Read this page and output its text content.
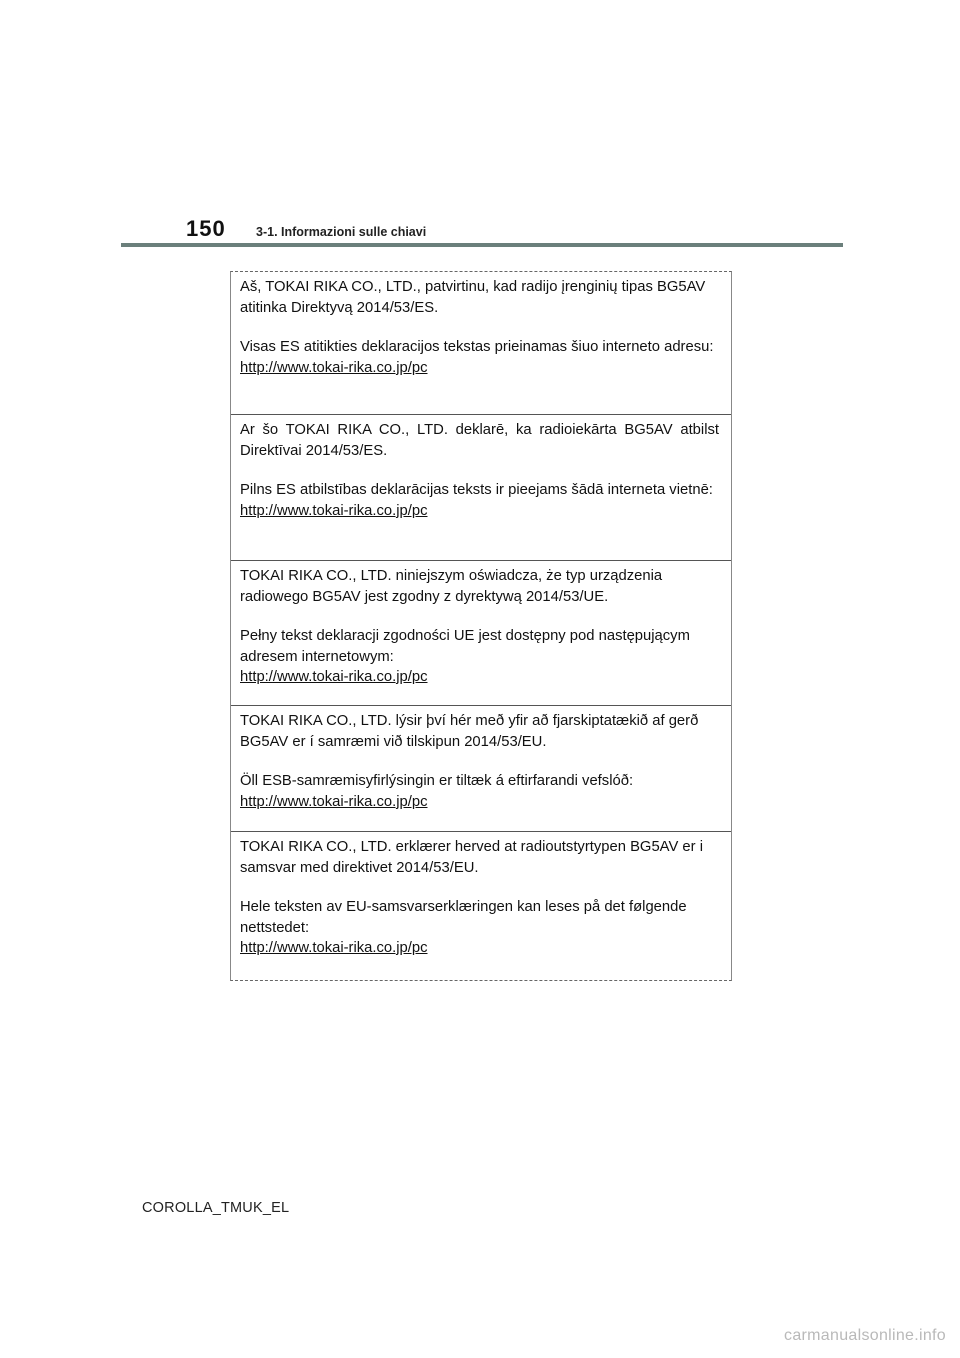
150	3-1. Informazioni sulle chiavi

Aš, TOKAI RIKA CO., LTD., patvirtinu, kad radijo įrenginių tipas BG5AV atitinka Direktyvą 2014/53/ES.

Visas ES atitikties deklaracijos tekstas prieinamas šiuo interneto adresu:
http://www.tokai-rika.co.jp/pc

Ar šo TOKAI RIKA CO., LTD. deklarē, ka radioiekārta BG5AV atbilst Direktīvai 2014/53/ES.

Pilns ES atbilstības deklarācijas teksts ir pieejams šādā interneta vietnē:
http://www.tokai-rika.co.jp/pc

TOKAI RIKA CO., LTD. niniejszym oświadcza, że typ urządzenia radiowego BG5AV jest zgodny z dyrektywą 2014/53/UE.

Pełny tekst deklaracji zgodności UE jest dostępny pod następującym adresem internetowym:
http://www.tokai-rika.co.jp/pc

TOKAI RIKA CO., LTD. lýsir því hér með yfir að fjarskiptatækið af gerð BG5AV er í samræmi við tilskipun 2014/53/EU.

Öll ESB-samræmisyfirlýsingin er tiltæk á eftirfarandi vefslóð:
http://www.tokai-rika.co.jp/pc

TOKAI RIKA CO., LTD. erklærer herved at radioutstyrtypen BG5AV er i samsvar med direktivet 2014/53/EU.

Hele teksten av EU-samsvarserklæringen kan leses på det følgende nettstedet:
http://www.tokai-rika.co.jp/pc

COROLLA_TMUK_EL
carmanualsonline.info
